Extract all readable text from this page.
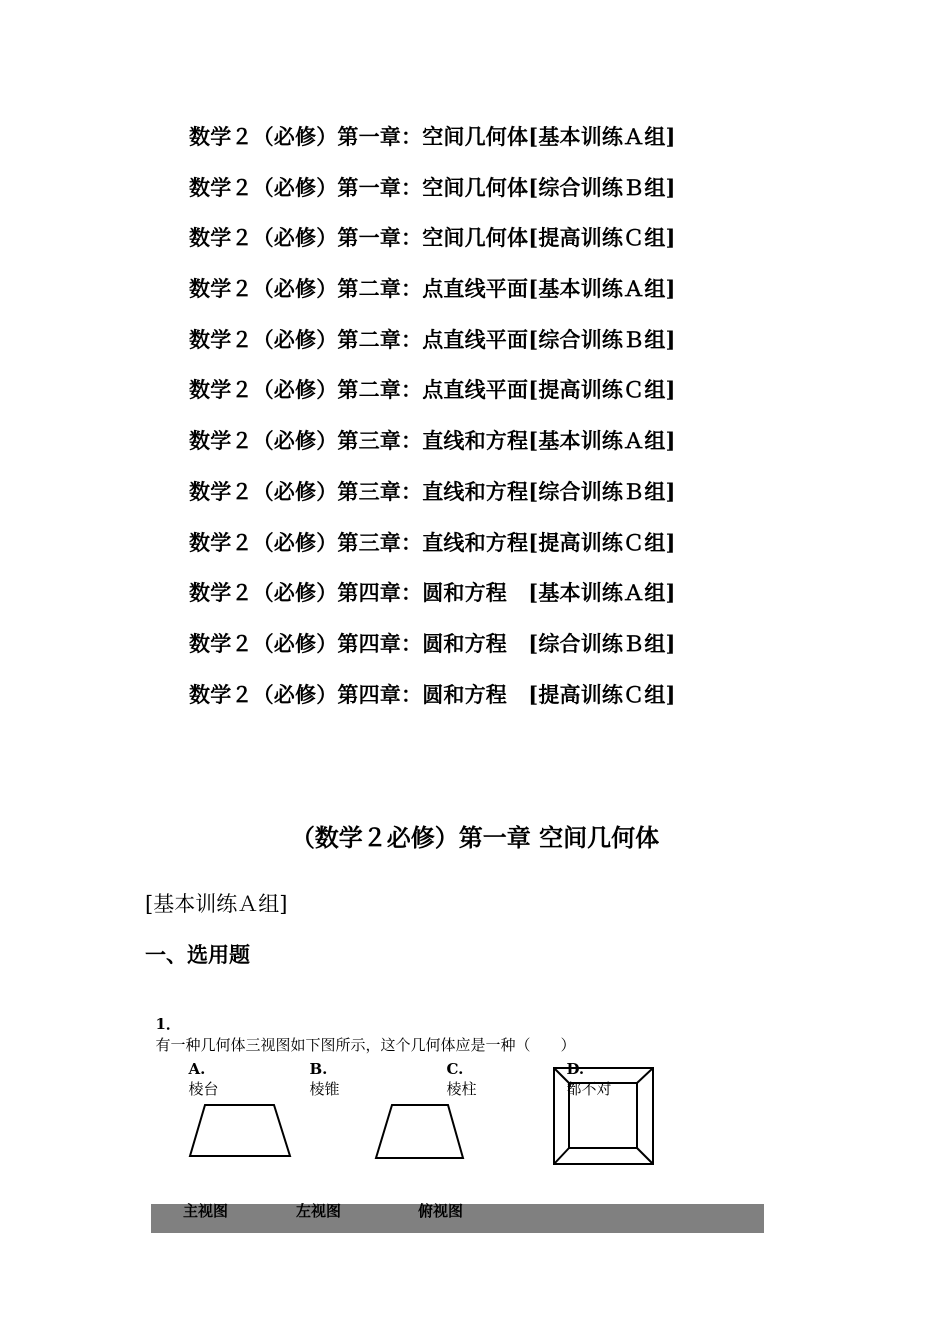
数学２（必修）第一章：空间几何体[基本训练Ａ组]
数学２（必修）第一章：空间几何体[综合训练Ｂ组]
数学２（必修）第一章：空间几何体[提高训练Ｃ组]
数学２（必修）第二章：点直线平面[基本训练Ａ组]
数学２（必修）第二章：点直线平面[综合训练Ｂ组]
数学２（必修）第二章：点直线平面[提高训练Ｃ组]
数学２（必修）第三章：直线和方程[基本训练Ａ组]
数学２（必修）第三章：直线和方程[综合训练Ｂ组]
数学２（必修）第三章：直线和方程[提高训练Ｃ组]
数学２（必修）第四章：圆和方程　[基本训练Ａ组]
数学２（必修）第四章：圆和方程　[综合训练Ｂ组]
数学２（必修）第四章：圆和方程　[提高训练Ｃ组]
（数学２必修）第一章 空间几何体
[基本训练Ａ组]
一、选用题

1．
有一种几何体三视图如下图所示，这个几何体应是一种（　　）

A.
棱台

B.
棱锥

C.
棱柱

D.
都不对

主视图	左视图	俯视图
